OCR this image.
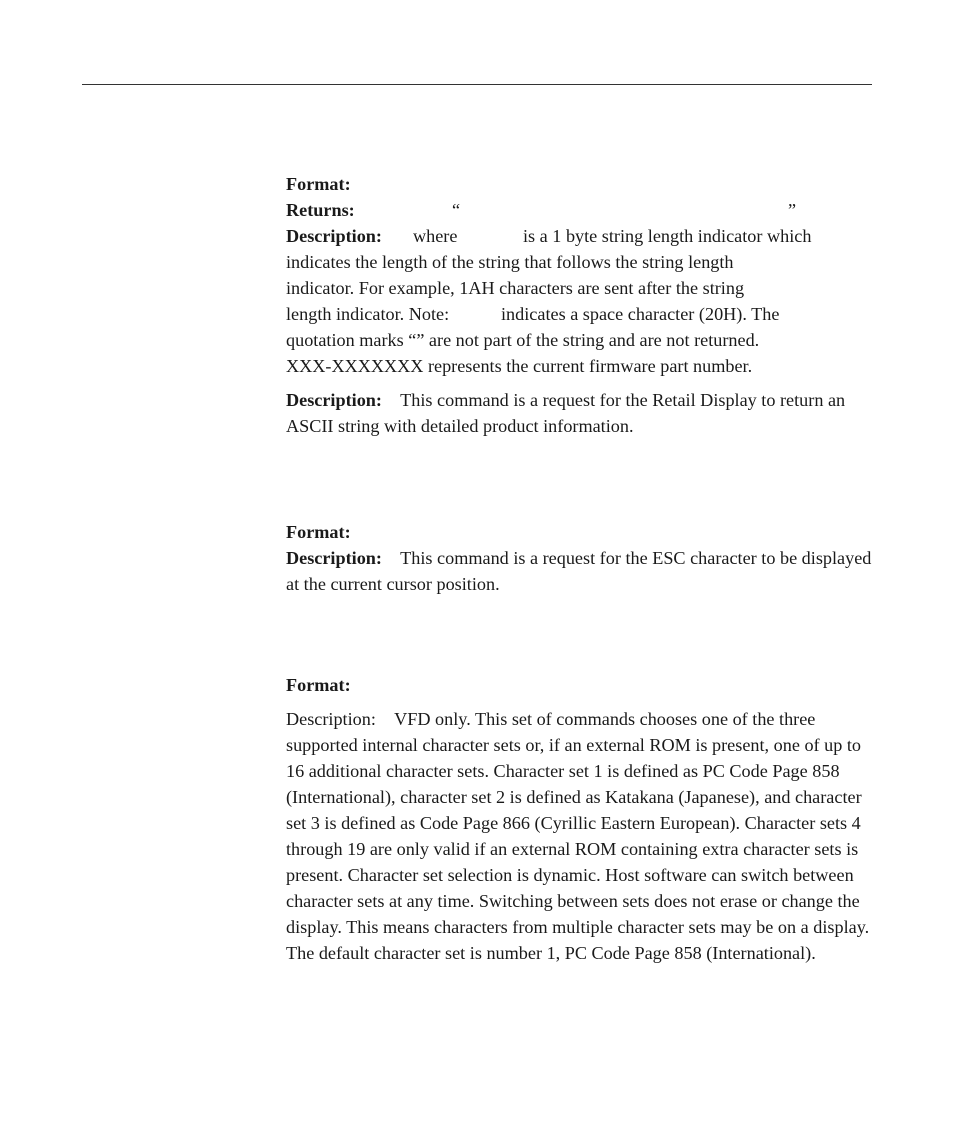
Format:
Returns:	“	”
Description: where	is a 1 byte string length indicator which
indicates the length of the string that follows the string length
indicator. For example, 1AH characters are sent after the string
length indicator. Note:	indicates a space character (20H). The
quotation marks “” are not part of the string and are not returned.
XXX-XXXXXXX represents the current firmware part number.

Description: This command is a request for the Retail Display to return an ASCII string with detailed product information.

Format:

Description: This command is a request for the ESC character to be displayed at the current cursor position.

Format:

Description: VFD only. This set of commands chooses one of the three supported internal character sets or, if an external ROM is present, one of up to 16 additional character sets. Character set 1 is defined as PC Code Page 858 (International), character set 2 is defined as Katakana (Japanese), and character set 3 is defined as Code Page 866 (Cyrillic Eastern European). Character sets 4 through 19 are only valid if an external ROM containing extra character sets is present. Character set selection is dynamic. Host software can switch between character sets at any time. Switching between sets does not erase or change the display. This means characters from multiple character sets may be on a display. The default character set is number 1, PC Code Page 858 (International).
